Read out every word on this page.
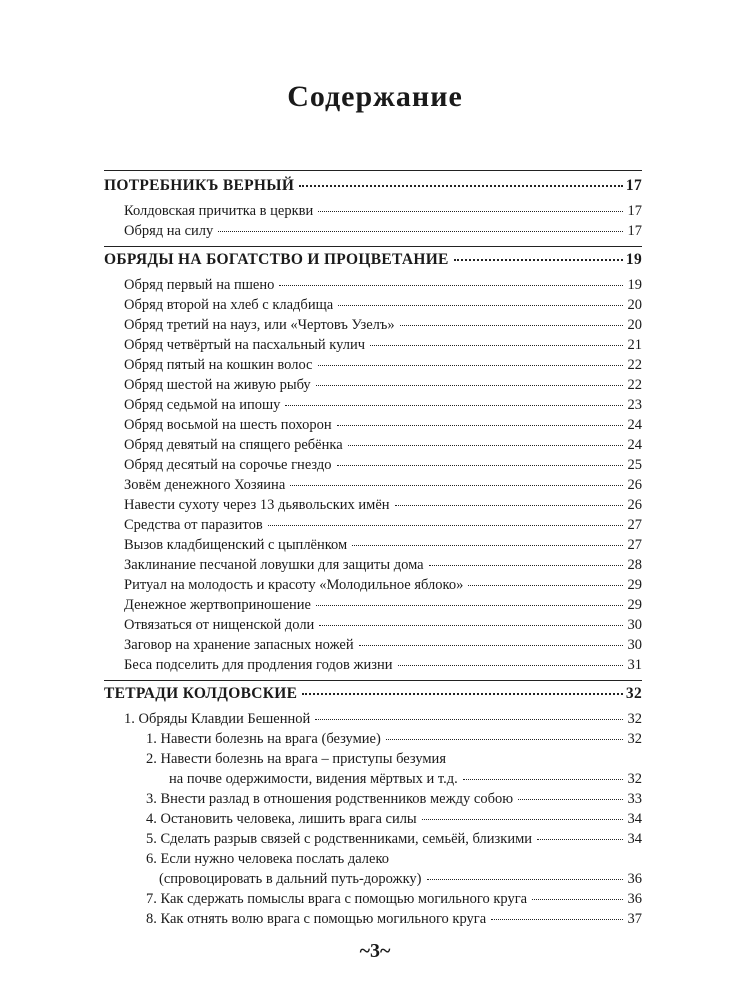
Содержание
ПОТРЕБНИКЪ ВЕРНЫЙ	17
Колдовская причитка в церкви	17
Обряд на силу	17
ОБРЯДЫ НА БОГАТСТВО И ПРОЦВЕТАНИЕ	19
Обряд первый на пшено	19
Обряд второй на хлеб с кладбища	20
Обряд третий на науз, или «Чертовъ Узелъ»	20
Обряд четвёртый на пасхальный кулич	21
Обряд пятый на кошкин волос	22
Обряд шестой на живую рыбу	22
Обряд седьмой на ипошу	23
Обряд восьмой на шесть похорон	24
Обряд девятый на спящего ребёнка	24
Обряд десятый на сорочье гнездо	25
Зовём денежного Хозяина	26
Навести сухоту через 13 дьявольских имён	26
Средства от паразитов	27
Вызов кладбищенский с цыплёнком	27
Заклинание песчаной ловушки для защиты дома	28
Ритуал на молодость и красоту «Молодильное яблоко»	29
Денежное жертвоприношение	29
Отвязаться от нищенской доли	30
Заговор на хранение запасных ножей	30
Беса подселить для продления годов жизни	31
ТЕТРАДИ КОЛДОВСКИЕ	32
1. Обряды Клавдии Бешенной	32
1. Навести болезнь на врага (безумие)	32
2. Навести болезнь на врага – приступы безумия
на почве одержимости, видения мёртвых и т.д.	32
3. Внести разлад в отношения родственников между собою	33
4. Остановить человека, лишить врага силы	34
5. Сделать разрыв связей с родственниками, семьёй, близкими	34
6. Если нужно человека послать далеко
(спровоцировать в дальний путь-дорожку)	36
7. Как сдержать помыслы врага с помощью могильного круга	36
8. Как отнять волю врага с помощью могильного круга	37
~3~
